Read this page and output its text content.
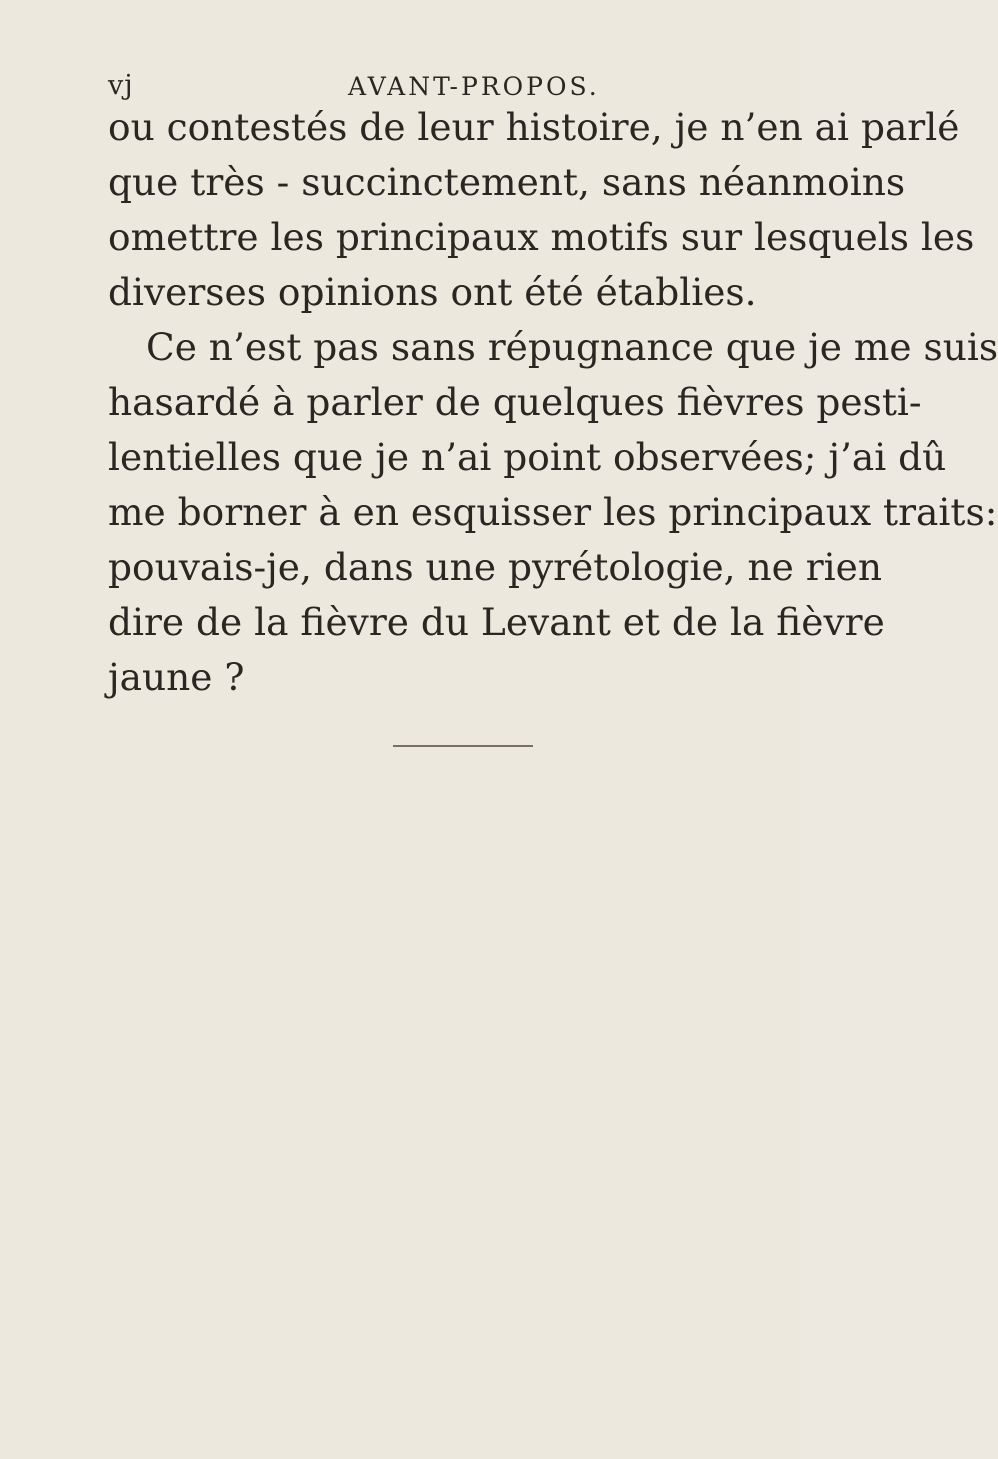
vj	AVANT-PROPOS.
ou contestés de leur histoire, je n’en ai parlé
que très - succinctement, sans néanmoins
omettre les principaux motifs sur lesquels les
diverses opinions ont été établies.
Ce n’est pas sans répugnance que je me suis
hasardé à parler de quelques fièvres pesti-
lentielles que je n’ai point observées; j’ai dû
me borner à en esquisser les principaux traits:
pouvais-je, dans une pyrétologie, ne rien
dire de la fièvre du Levant et de la fièvre
jaune ?
